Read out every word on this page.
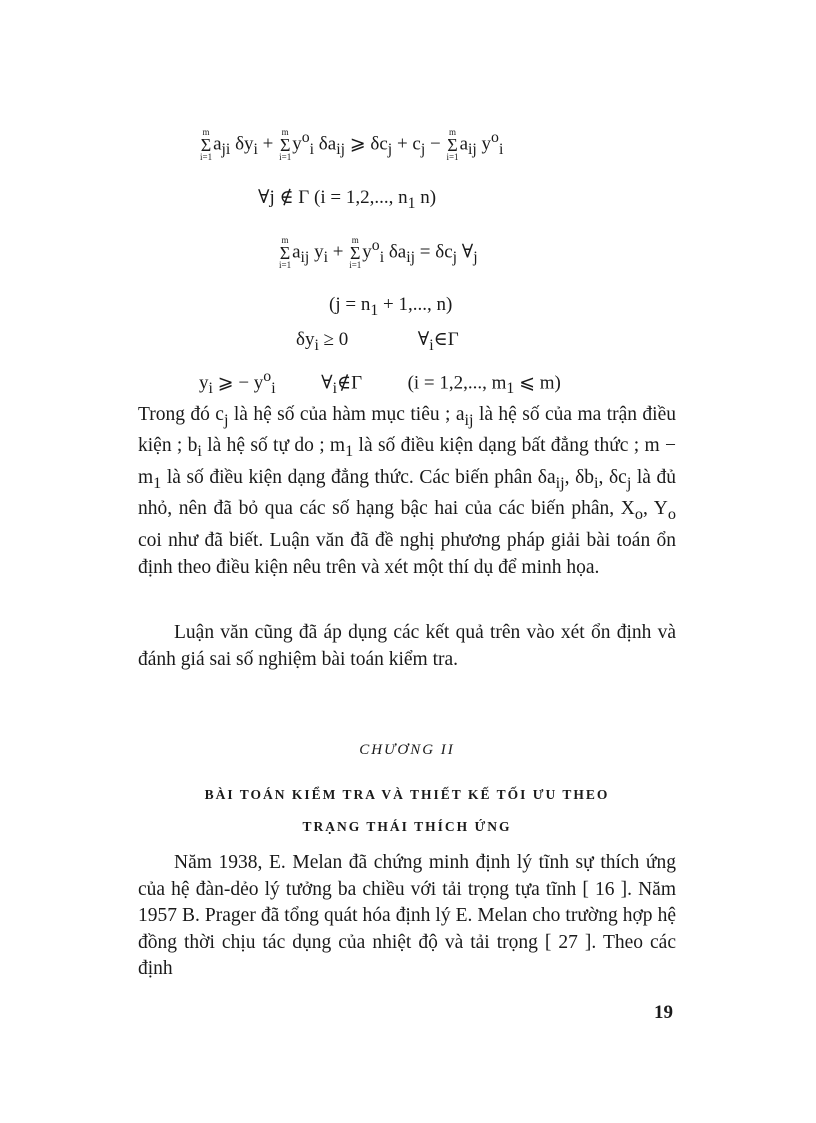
m
Σ
i=1
$a_{ji}$ $\delta y_i$ +
m
Σ
i=1
$y^o_i$ $\delta a_{ij}$ ⩾ $\delta c_j + c_j$ −
m
Σ
i=1
$a_{ij}$ $y^o_i$
∀j ∉ Γ (i = 1,2,..., $n_1$ n)
m
Σ
i=1
$a_{ij}$ $y_i$ +
m
Σ
i=1
$y^o_i$ $\delta a_{ij} = \delta c_j$ $\forall_j$
($j = n_1 + 1$,..., n)
$\delta y_i \ge 0$	$\forall_i\in\Gamma$
$y_i$ ⩾ − $y^o_i$ $\forall_i\notin\Gamma$ (i = 1,2,..., $m_1$ ⩽ m)

Trong đó $c_j$ là hệ số của hàm mục tiêu ; $a_{ij}$ là hệ số của ma trận điều kiện ; $b_i$ là hệ số tự do ; $m_1$ là số điều kiện dạng bất đẳng thức ; $m - m_1$ là số điều kiện dạng đẳng thức. Các biến phân $\delta a_{ij}$, $\delta b_i$, $\delta c_j$ là đủ nhỏ, nên đã bỏ qua các số hạng bậc hai của các biến phân, $X_o$, $Y_o$ coi như đã biết. Luận văn đã đề nghị phương pháp giải bài toán ổn định theo điều kiện nêu trên và xét một thí dụ để minh họa.

Luận văn cũng đã áp dụng các kết quả trên vào xét ổn định và đánh giá sai số nghiệm bài toán kiểm tra.

CHƯƠNG II
BÀI TOÁN KIỂM TRA VÀ THIẾT KẾ TỐI ƯU THEO
TRẠNG THÁI THÍCH ỨNG

Năm 1938, E. Melan đã chứng minh định lý tĩnh sự thích ứng của hệ đàn-dẻo lý tưởng ba chiều với tải trọng tựa tĩnh [ 16 ]. Năm 1957 B. Prager đã tổng quát hóa định lý E. Melan cho trường hợp hệ đồng thời chịu tác dụng của nhiệt độ và tải trọng [ 27 ]. Theo các định

19
